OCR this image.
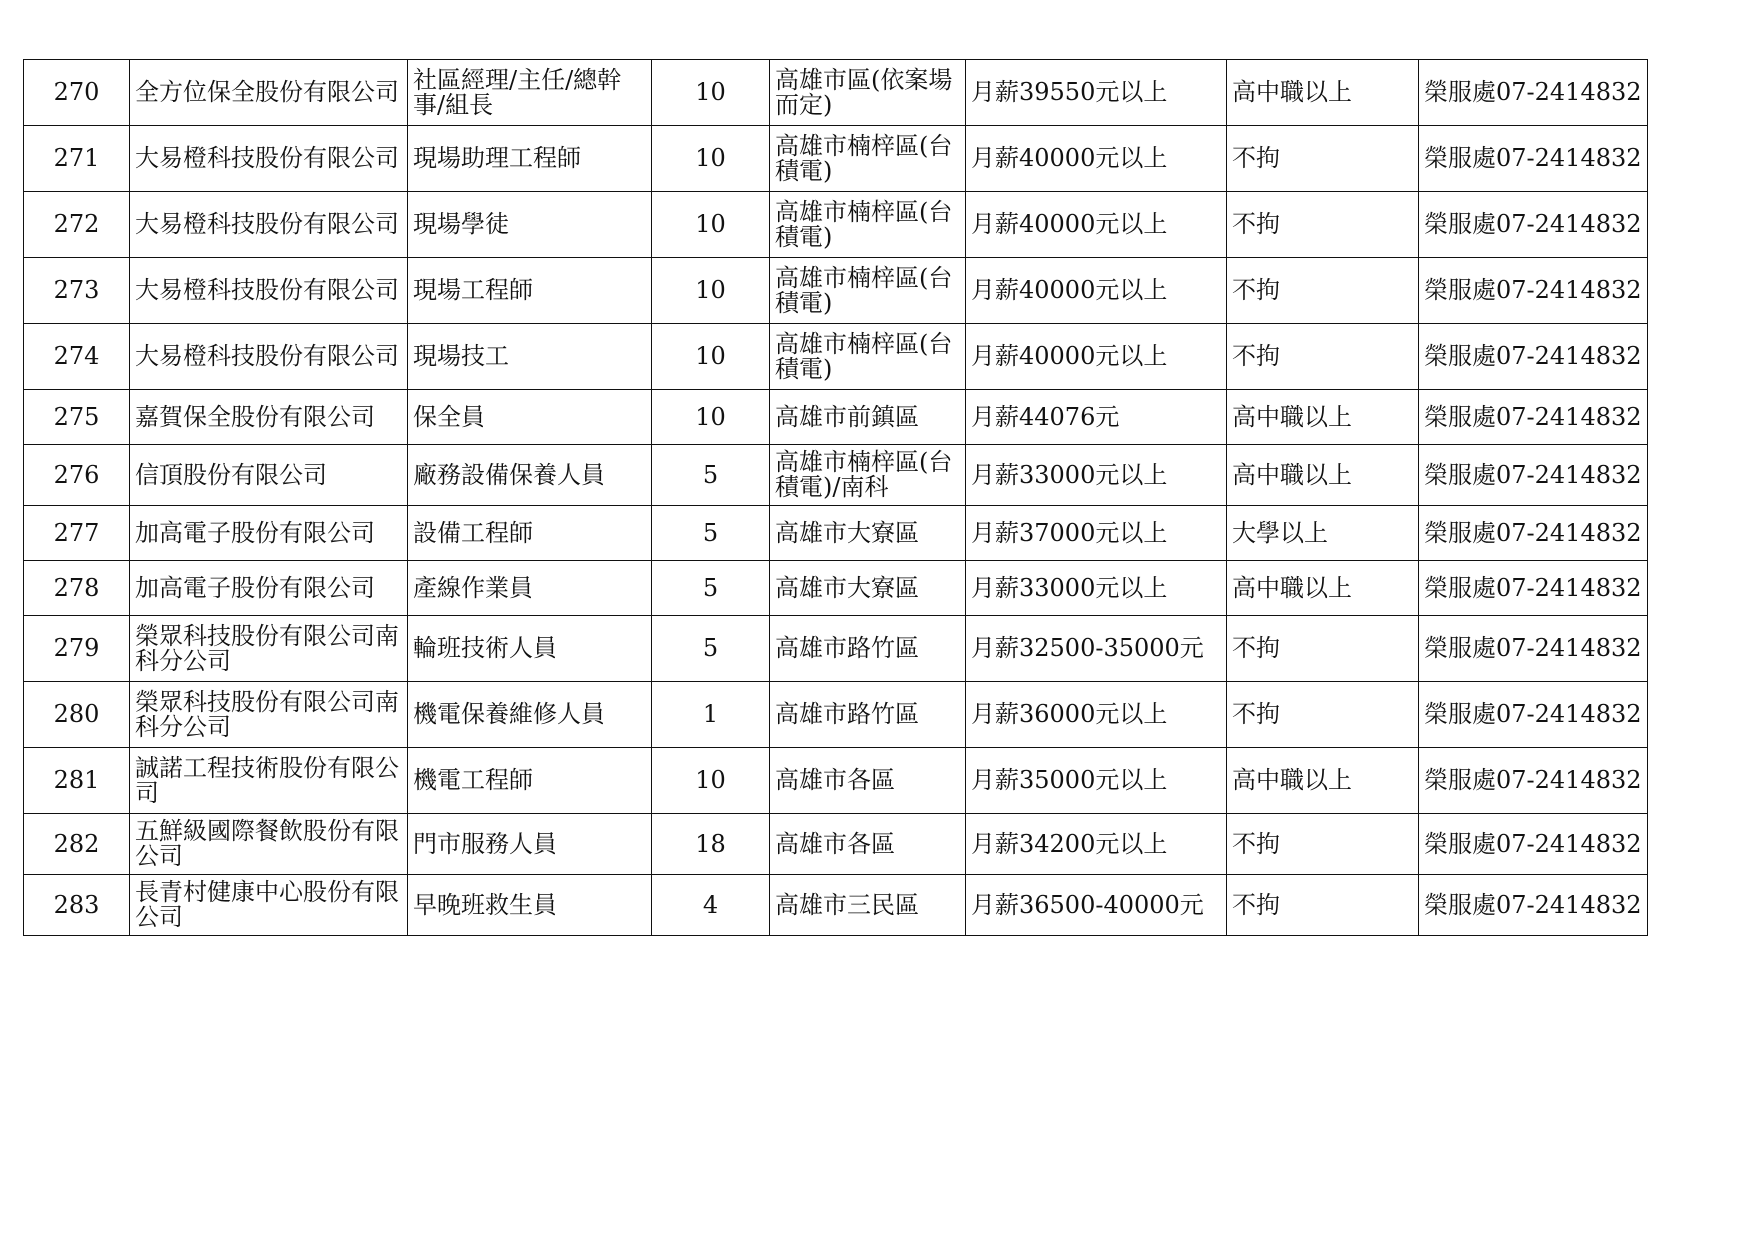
270	全方位保全股份有限公司	社區經理/主任/總幹事/組長	10	高雄市區(依案場而定)	月薪39550元以上	高中職以上	榮服處07-2414832
271	大易橙科技股份有限公司	現場助理工程師	10	高雄市楠梓區(台積電)	月薪40000元以上	不拘	榮服處07-2414832
272	大易橙科技股份有限公司	現場學徒	10	高雄市楠梓區(台積電)	月薪40000元以上	不拘	榮服處07-2414832
273	大易橙科技股份有限公司	現場工程師	10	高雄市楠梓區(台積電)	月薪40000元以上	不拘	榮服處07-2414832
274	大易橙科技股份有限公司	現場技工	10	高雄市楠梓區(台積電)	月薪40000元以上	不拘	榮服處07-2414832
275	嘉賀保全股份有限公司	保全員	10	高雄市前鎮區	月薪44076元	高中職以上	榮服處07-2414832
276	信頂股份有限公司	廠務設備保養人員	5	高雄市楠梓區(台積電)/南科	月薪33000元以上	高中職以上	榮服處07-2414832
277	加高電子股份有限公司	設備工程師	5	高雄市大寮區	月薪37000元以上	大學以上	榮服處07-2414832
278	加高電子股份有限公司	產線作業員	5	高雄市大寮區	月薪33000元以上	高中職以上	榮服處07-2414832
279	榮眾科技股份有限公司南科分公司	輪班技術人員	5	高雄市路竹區	月薪32500-35000元	不拘	榮服處07-2414832
280	榮眾科技股份有限公司南科分公司	機電保養維修人員	1	高雄市路竹區	月薪36000元以上	不拘	榮服處07-2414832
281	誠諾工程技術股份有限公司	機電工程師	10	高雄市各區	月薪35000元以上	高中職以上	榮服處07-2414832
282	五鮮級國際餐飲股份有限公司	門市服務人員	18	高雄市各區	月薪34200元以上	不拘	榮服處07-2414832
283	長青村健康中心股份有限公司	早晚班救生員	4	高雄市三民區	月薪36500-40000元	不拘	榮服處07-2414832
